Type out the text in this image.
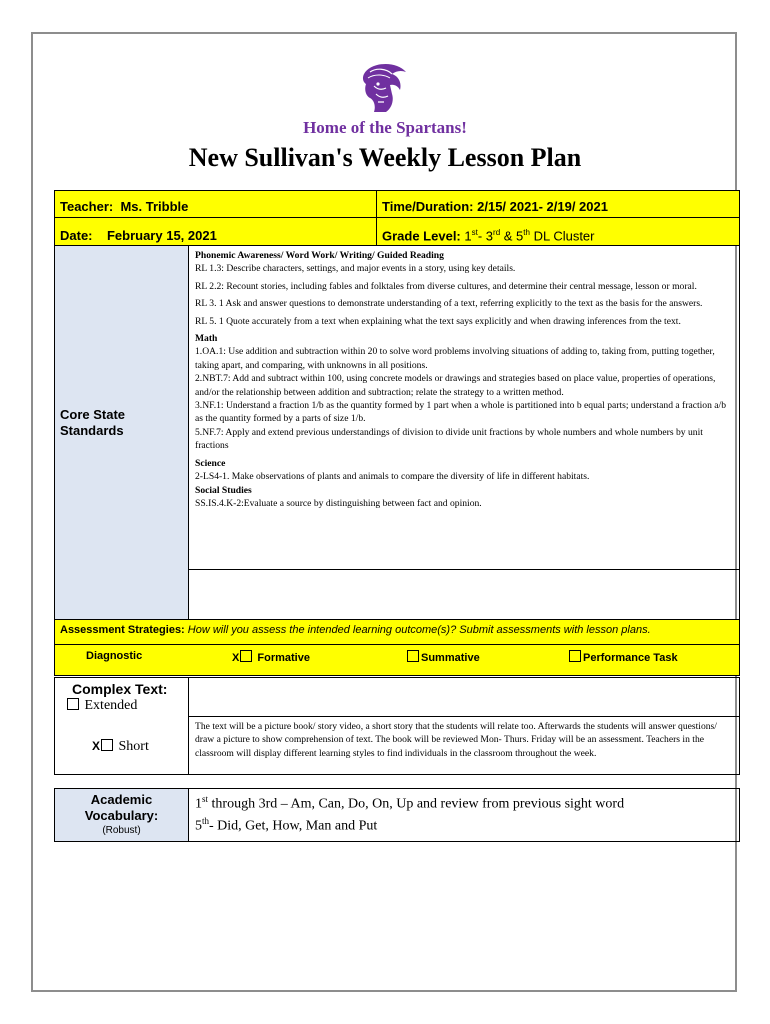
Home of the Spartans!
New Sullivan's Weekly Lesson Plan
Teacher: Ms. Tribble	Time/Duration: 2/15/ 2021- 2/19/ 2021
Date: February 15, 2021	Grade Level: 1st- 3rd & 5th DL Cluster
Core State Standards

Phonemic Awareness/ Word Work/ Writing/ Guided Reading

RL 1.3: Describe characters, settings, and major events in a story, using key details.

RL 2.2: Recount stories, including fables and folktales from diverse cultures, and determine their central message, lesson or moral.

RL 3. 1 Ask and answer questions to demonstrate understanding of a text, referring explicitly to the text as the basis for the answers.

RL 5. 1 Quote accurately from a text when explaining what the text says explicitly and when drawing inferences from the text.

Math

1.OA.1: Use addition and subtraction within 20 to solve word problems involving situations of adding to, taking from, putting together, taking apart, and comparing, with unknowns in all positions.

2.NBT.7: Add and subtract within 100, using concrete models or drawings and strategies based on place value, properties of operations, and/or the relationship between addition and subtraction; relate the strategy to a written method.

3.NF.1: Understand a fraction 1/b as the quantity formed by 1 part when a whole is partitioned into b equal parts; understand a fraction a/b as the quantity formed by a parts of size 1/b.

5.NF.7: Apply and extend previous understandings of division to divide unit fractions by whole numbers and whole numbers by unit fractions

Science

2-LS4-1. Make observations of plants and animals to compare the diversity of life in different habitats.

Social Studies

SS.IS.4.K-2:Evaluate a source by distinguishing between fact and opinion.

Assessment Strategies: How will you assess the intended learning outcome(s)? Submit assessments with lesson plans.
Diagnostic	X Formative	Summative	Performance Task
Complex Text:
Extended
X Short
The text will be a picture book/ story video, a short story that the students will relate too. Afterwards the students will answer questions/ draw a picture to show comprehension of text. The book will be reviewed Mon- Thurs. Friday will be an assessment. Teachers in the classroom will display different learning styles to find individuals in the classroom throughout the week.
Academic
Vocabulary:
(Robust)
1st through 3rd – Am, Can, Do, On, Up and review from previous sight word
5th- Did, Get, How, Man and Put
